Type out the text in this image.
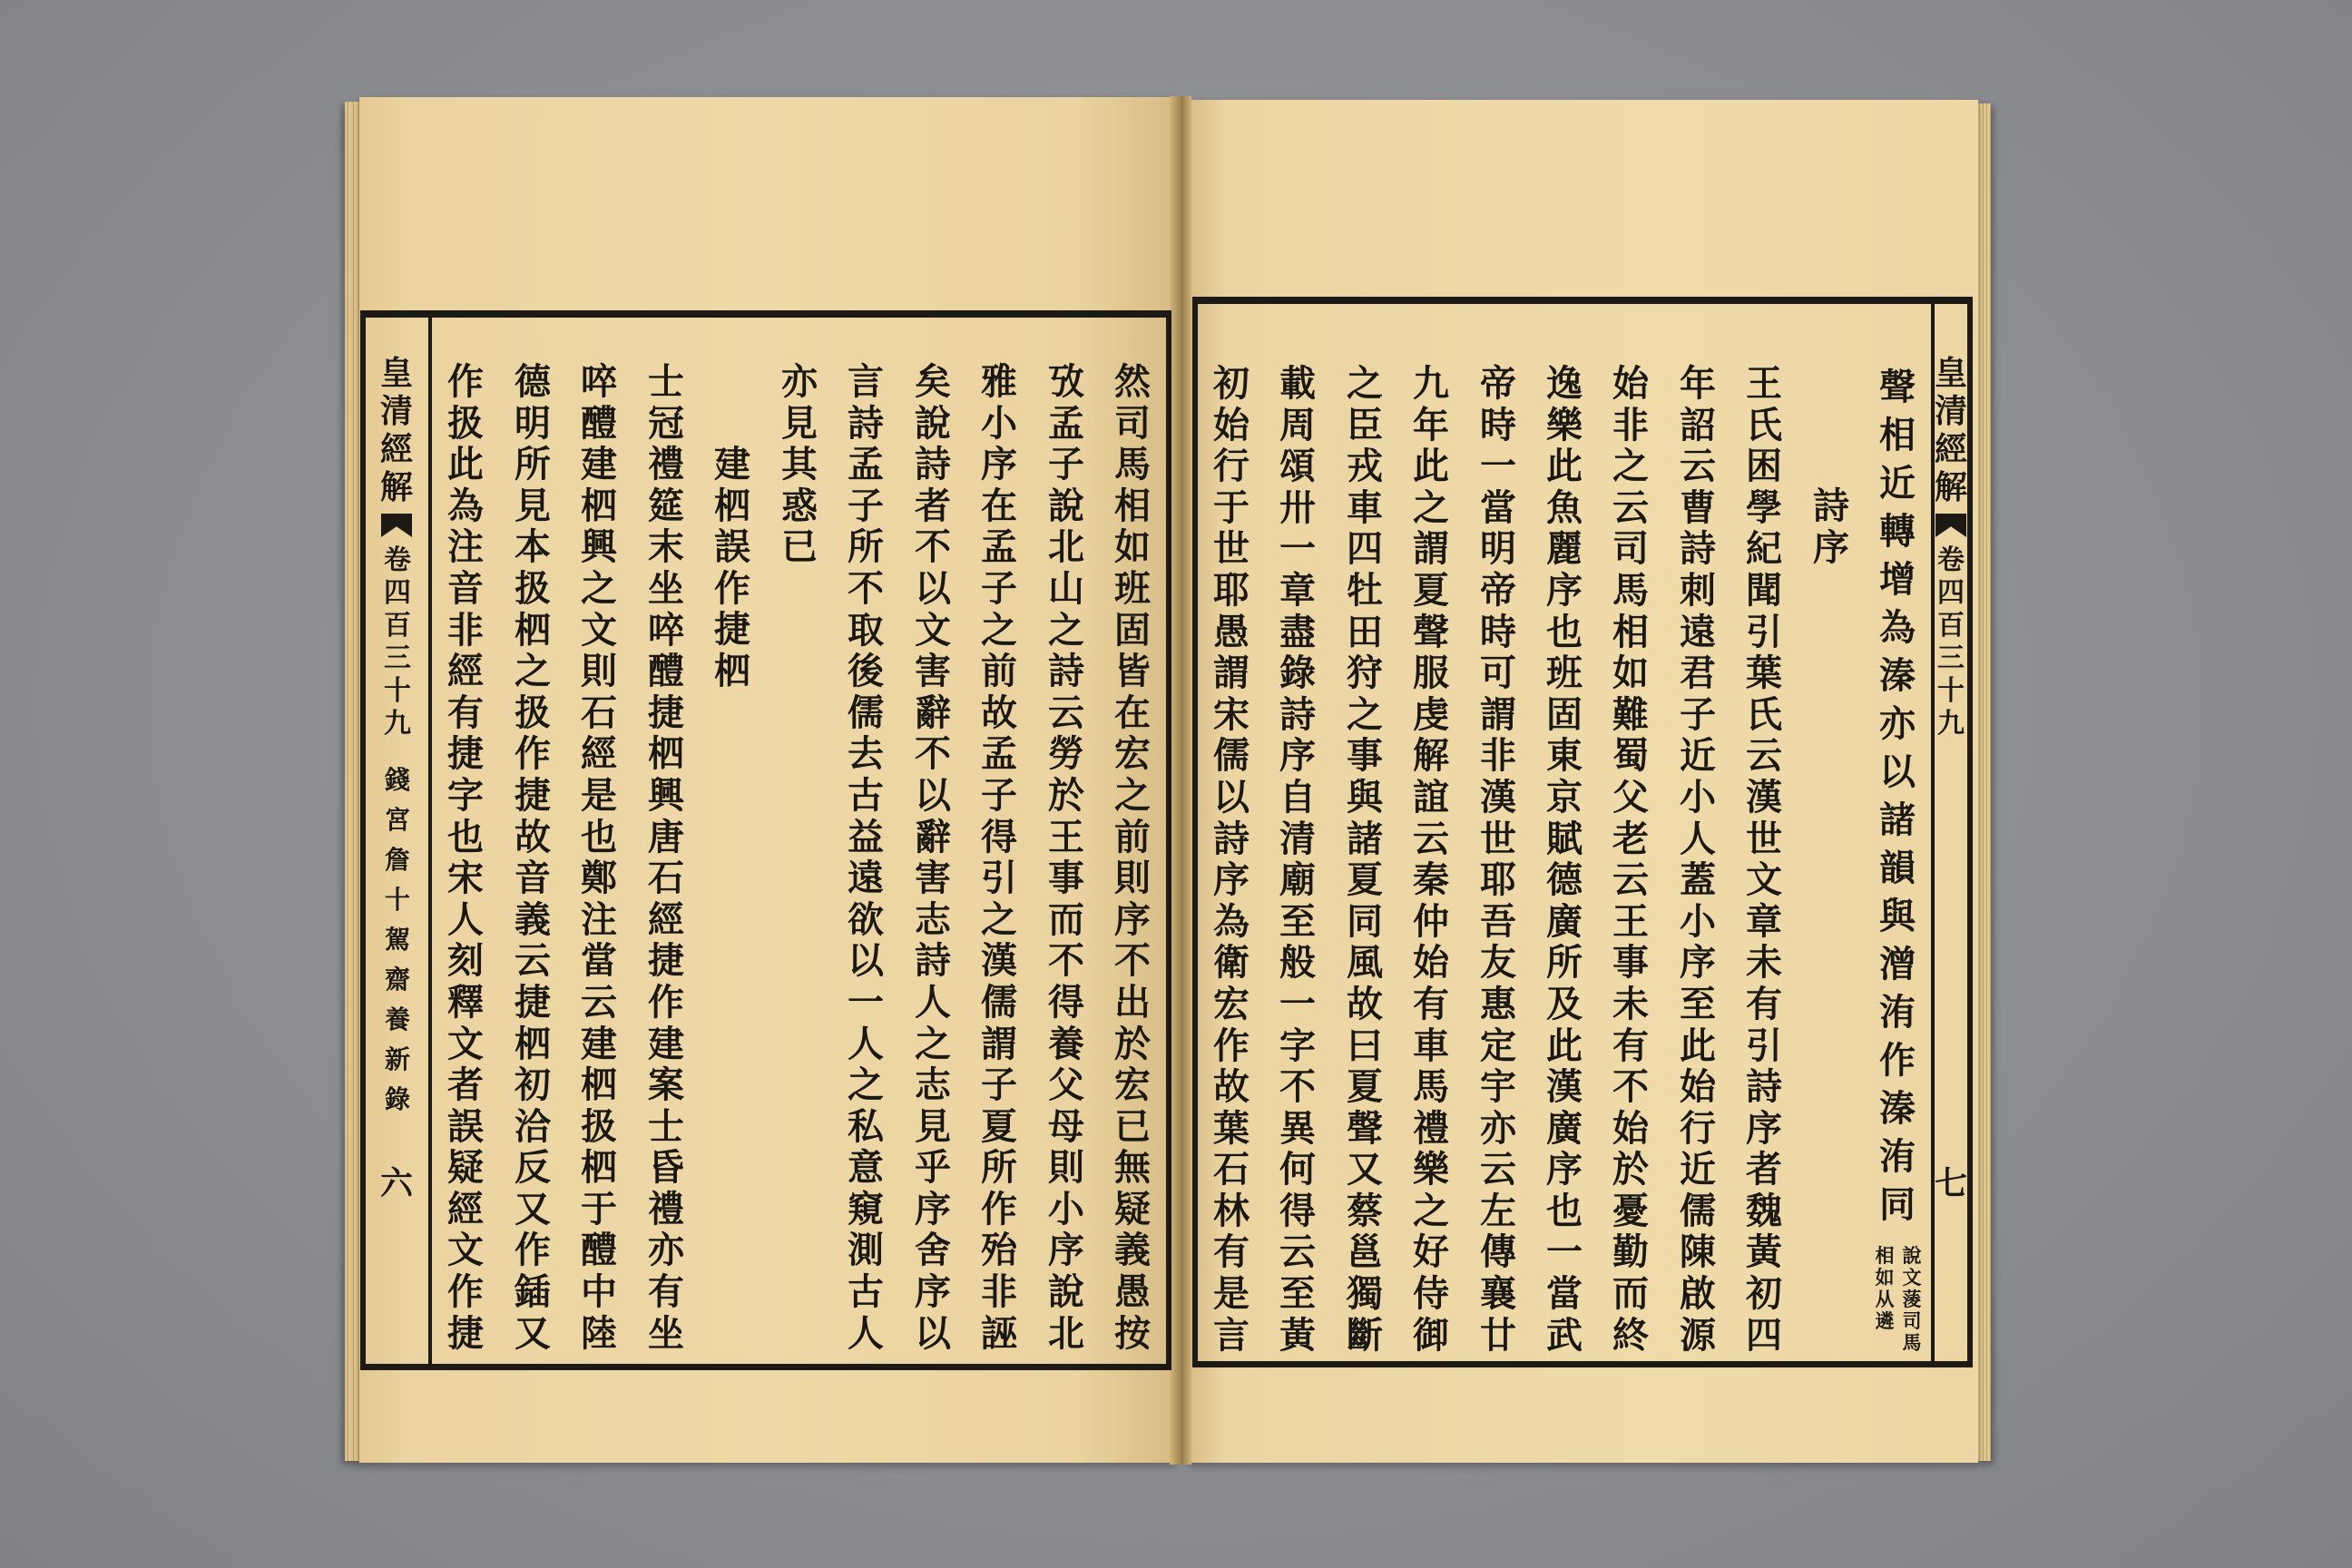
皇
清
經
解
卷
四
百
三
十
九
錢
宮
詹
十
駕
齋
養
新
錄
六
然
司
馬
相
如
班
固
皆
在
宏
之
前
則
序
不
出
於
宏
已
無
疑
義
愚
按
攷
孟
子
說
北
山
之
詩
云
勞
於
王
事
而
不
得
養
父
母
則
小
序
說
北
雅
小
序
在
孟
子
之
前
故
孟
子
得
引
之
漢
儒
謂
子
夏
所
作
殆
非
誣
矣
說
詩
者
不
以
文
害
辭
不
以
辭
害
志
詩
人
之
志
見
乎
序
舍
序
以
言
詩
孟
子
所
不
取
後
儒
去
古
益
遠
欲
以
一
人
之
私
意
窺
測
古
人
亦
見
其
惑
已
建
柶
誤
作
捷
柶
士
冠
禮
筵
末
坐
啐
醴
捷
柶
興
唐
石
經
捷
作
建
案
士
昏
禮
亦
有
坐
啐
醴
建
柶
興
之
文
則
石
經
是
也
鄭
注
當
云
建
柶
扱
柶
于
醴
中
陸
德
明
所
見
本
扱
柶
之
扱
作
捷
故
音
義
云
捷
柶
初
洽
反
又
作
鍤
又
作
扱
此
為
注
音
非
經
有
捷
字
也
宋
人
刻
釋
文
者
誤
疑
經
文
作
捷
皇
清
經
解
卷
四
百
三
十
九
七
聲
相
近
轉
增
為
溱
亦
以
諸
韻
與
潧
洧
作
溱
洧
同
說
文
蔆
司
馬
相
如
从
遴
詩
序
王
氏
困
學
紀
聞
引
葉
氏
云
漢
世
文
章
未
有
引
詩
序
者
魏
黃
初
四
年
詔
云
曹
詩
刺
遠
君
子
近
小
人
蓋
小
序
至
此
始
行
近
儒
陳
啟
源
始
非
之
云
司
馬
相
如
難
蜀
父
老
云
王
事
未
有
不
始
於
憂
勤
而
終
逸
樂
此
魚
麗
序
也
班
固
東
京
賦
德
廣
所
及
此
漢
廣
序
也
一
當
武
帝
時
一
當
明
帝
時
可
謂
非
漢
世
耶
吾
友
惠
定
宇
亦
云
左
傳
襄
廿
九
年
此
之
謂
夏
聲
服
虔
解
誼
云
秦
仲
始
有
車
馬
禮
樂
之
好
侍
御
之
臣
戎
車
四
牡
田
狩
之
事
與
諸
夏
同
風
故
曰
夏
聲
又
蔡
邕
獨
斷
載
周
頌
卅
一
章
盡
錄
詩
序
自
清
廟
至
般
一
字
不
異
何
得
云
至
黃
初
始
行
于
世
耶
愚
謂
宋
儒
以
詩
序
為
衛
宏
作
故
葉
石
林
有
是
言
